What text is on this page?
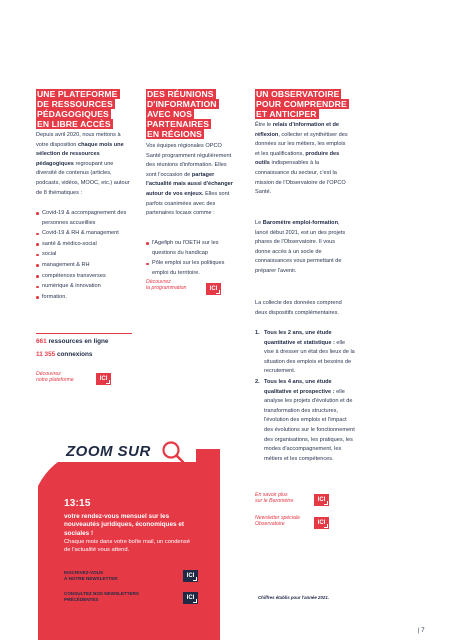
UNE PLATEFORME
DE RESSOURCES
PÉDAGOGIQUES
EN LIBRE ACCÈS
Depuis avril 2020, nous mettons à votre disposition chaque mois une sélection de ressources pédagogiques regroupant une diversité de contenus (articles, podcasts, vidéos, MOOC, etc.) autour de 8 thématiques :
Covid-19 & accompagnement des personnes accueillies
Covid-19 & RH & management
santé & médico-social
social
management & RH
compétences transverses
numérique & innovation
formation.
661 ressources en ligne
11 355 connexions
Découvrez
notre plateforme	ICI
DES RÉUNIONS
D'INFORMATION
AVEC NOS
PARTENAIRES
EN RÉGIONS
Vos équipes régionales OPCO Santé programment régulièrement des réunions d'information. Elles sont l'occasion de partager l'actualité mais aussi d'échanger autour de vos enjeux. Elles sont parfois coanimées avec des partenaires locaux comme :
l'Agefiph ou l'OETH sur les questions du handicap
Pôle emploi sur les politiques emploi du territoire.
Découvrez
la programmation	ICI
UN OBSERVATOIRE
POUR COMPRENDRE
ET ANTICIPER
Être le relais d'information et de réflexion, collecter et synthétiser des données sur les métiers, les emplois et les qualifications, produire des outils indispensables à la connaissance du secteur, c'est la mission de l'Observatoire de l'OPCO Santé.
Le Baromètre emploi-formation, lancé début 2021, est un des projets phares de l'Observatoire. Il vous donne accès à un socle de connaissances vous permettant de préparer l'avenir.
La collecte des données comprend deux dispositifs complémentaires.
1. Tous les 2 ans, une étude quantitative et statistique : elle vise à dresser un état des lieux de la situation des emplois et besoins de recrutement.
2. Tous les 4 ans, une étude qualitative et prospective : elle analyse les projets d'évolution et de transformation des structures, l'évolution des emplois et l'impact des évolutions sur le fonctionnement des organisations, les pratiques, les modes d'accompagnement, les métiers et les compétences.
En savoir plus
sur le Baromètre	ICI
Newsletter spéciale
Observatoire	ICI
Chiffres établis pour l'année 2021.
| 7
ZOOM SUR
13:15
votre rendez-vous mensuel sur les nouveautés juridiques, économiques et sociales !
Chaque mois dans votre boîte mail, un condensé de l'actualité vous attend.
INSCRIVEZ-VOUS
À NOTRE NEWSLETTER	ICI
CONSULTEZ NOS NEWSLETTERS
PRÉCÉDENTES	ICI
